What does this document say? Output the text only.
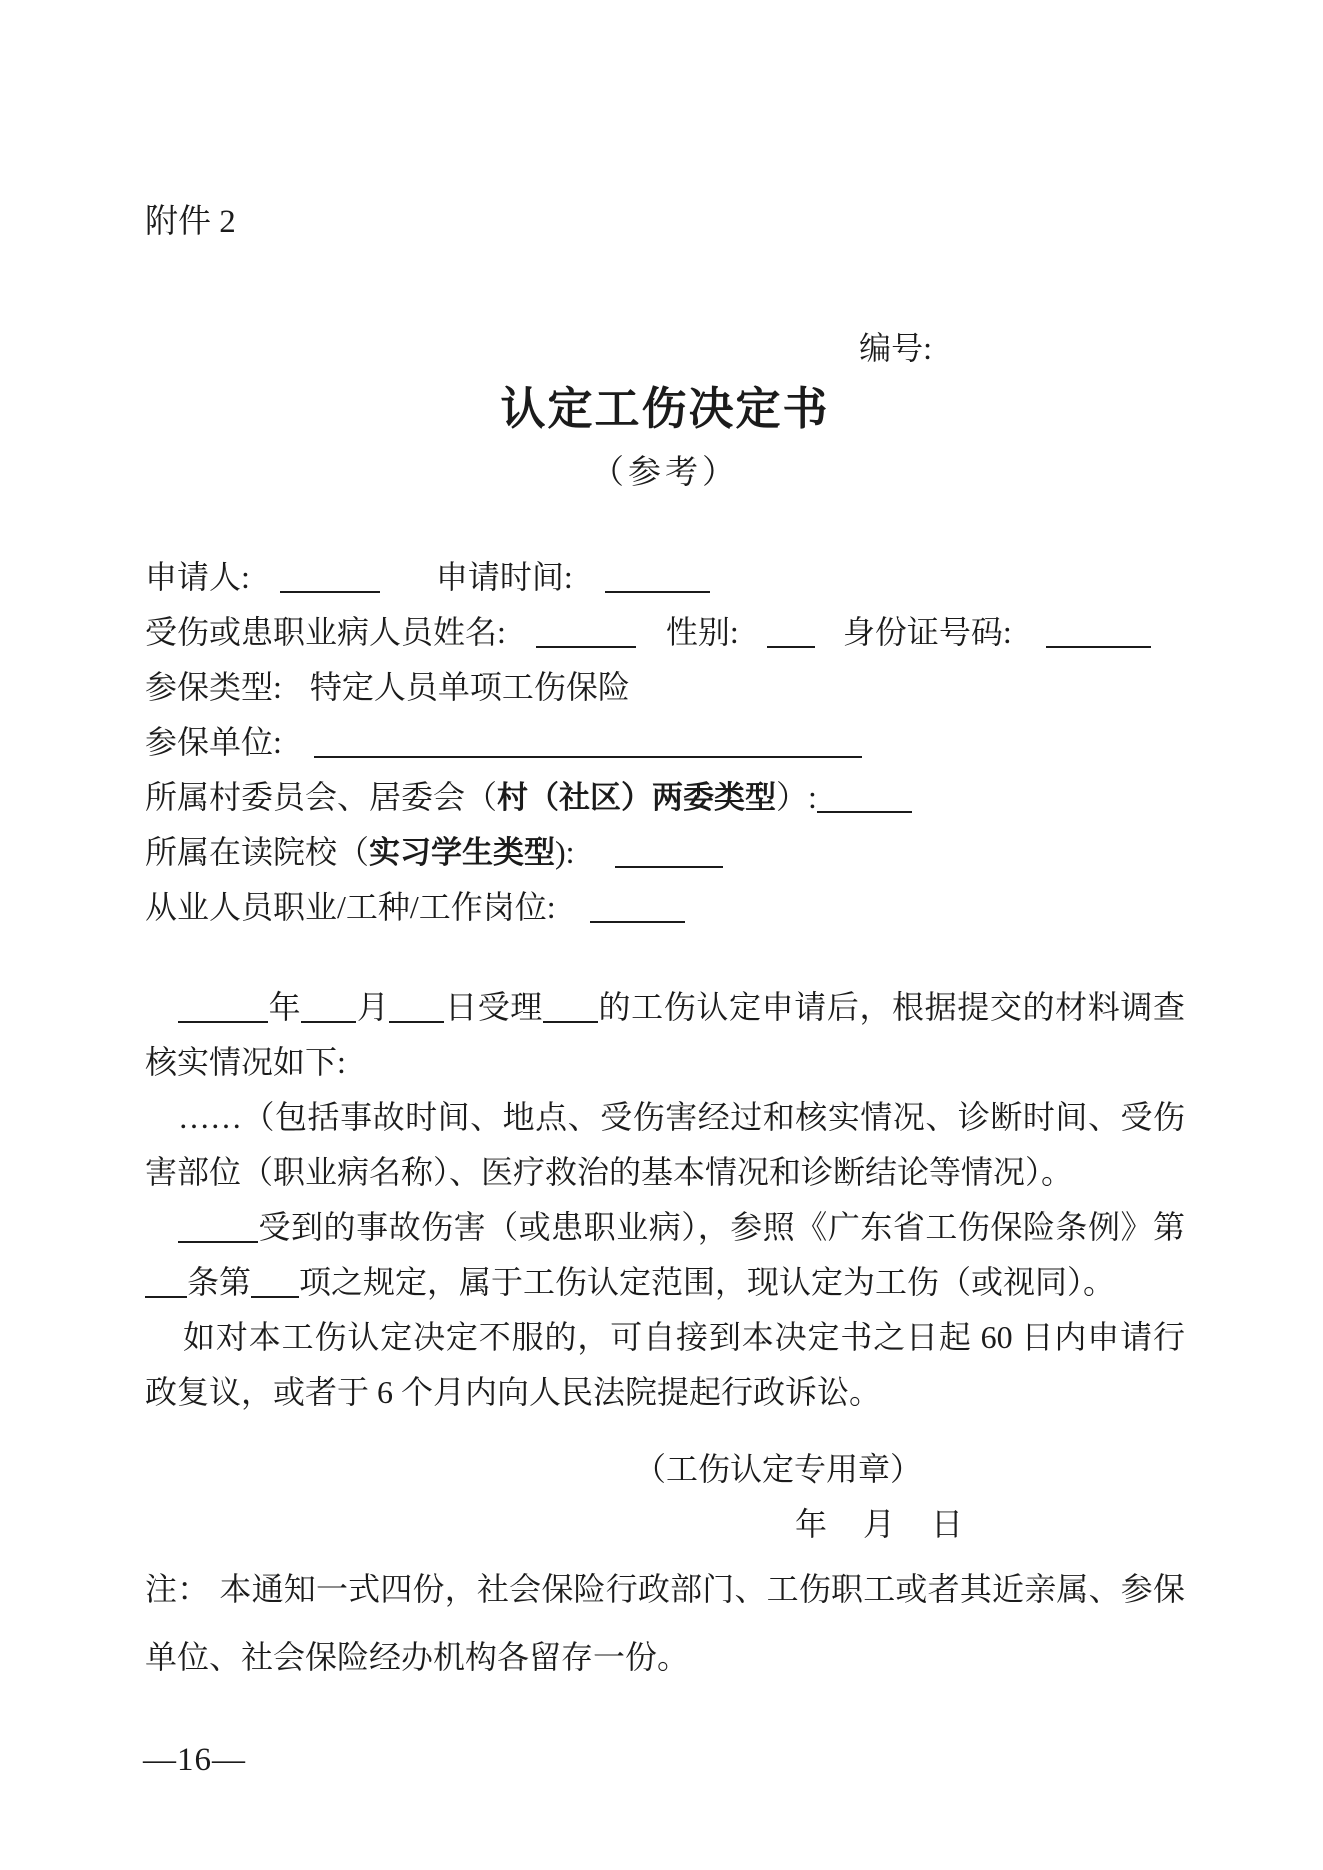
附件 2
编号:
认定工伤决定书
（参考）
申请人:	申请时间:
受伤或患职业病人员姓名:	性别:	身份证号码:
参保类型: 特定人员单项工伤保险
参保单位:
所属村委员会、居委会（村（社区）两委类型）:
所属在读院校（实习学生类型):
从业人员职业/工种/工作岗位:

年 月 日受理 的工伤认定申请后，根据提交的材料调查核实情况如下:

……（包括事故时间、地点、受伤害经过和核实情况、诊断时间、受伤害部位（职业病名称）、医疗救治的基本情况和诊断结论等情况）。

受到的事故伤害（或患职业病），参照《广东省工伤保险条例》第条第 项之规定，属于工伤认定范围，现认定为工伤（或视同）。

如对本工伤认定决定不服的，可自接到本决定书之日起 60 日内申请行政复议，或者于 6 个月内向人民法院提起行政诉讼。

（工伤认定专用章）
年 月 日

注： 本通知一式四份，社会保险行政部门、工伤职工或者其近亲属、参保单位、社会保险经办机构各留存一份。

—16—
